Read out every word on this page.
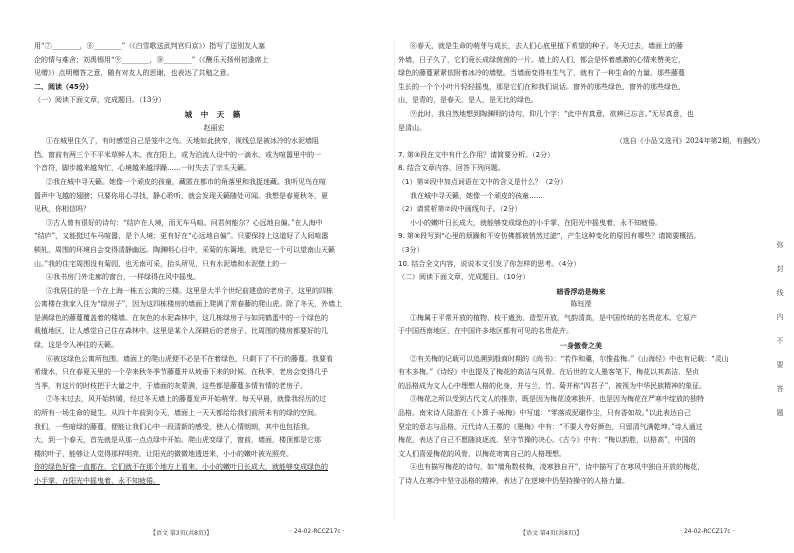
用“⑦________，⑧________”（《白雪歌送武判官归京》）指写了送别友人塞
企的情与难舍；刘禹锡用“⑨________，⑩________”（《酬乐天扬州初逢席上
见赠》）点明赠答之意，随有对友人的思谢，也表达了共勉之意。
二、阅读（45分）
（一）阅读下面文章，完成题目。（13分）
城 中 天 籁
赵丽宏
①在城里住久了，有时感觉自己是笼中之鸟。天地如此狭窄，视线总是被冰冷的水泥墙阻
挡。窗前有两三个不平米草鲜人木。夜在阳上，或为泊流人设中的一滴水，或为喧嚣里中的一
个音符，脚步越来越匆忙，心境越来越浮躁……一时失去了宗头天籁。
②我在城中寻天籁。她像一个顽皮的孩童，藏匿在都市的角落里和我捉迷藏。我听见鸟在喧
嚣声中飞越的翅膀；只要你用心寻找，静心聆听，就会发现天籁随处可闻。我想是春夏秋冬，夏
见秋，你相信吗？
③古人曾有很好的诗句：“结庐在人境，而无车马喧。问君何能尔？心远地自偏。”在人海中
“结庐”，又能挺过车马喧嚣，是个人境；更有好在“心远地自偏”。只要保持上这道好了人间喧嚣
顿轧，周围的环境自会变得清静幽远。陶渊明心目中，采菊的东篱地，就是它一个可以望南山天籁
山。”我的住宅周围没有菊园，也无南可采，抬头所见，只有水泥墙和水泥壁上的一
④我书房门外走廊的窗台，一样绿得在风中摇曳。
⑤我居住的是一个在上海一栋五公寓的三楼。这里是大半个世纪前建造的老房子，这里的四栋
公寓楼在我家入住为“绿房子”，因为这四栋楼房的墙面上爬满了常春藤的爬山虎。除了冬天，外墙上
是满绿色的藤蔓覆盖着的楼墙。在灰色的水泥森林中，这几栋绿房子与如同鹤蛋中的一个绿色的
栽植地区，让人感觉自己住在森林中。这里是某个人深耕后的老房子，比周围的楼房都要好的几
绿，这是令人神往的天籁。
⑥被这绿色公寓所包围，墙面上的爬山虎便不必是不在着绿色，只剩下了不行的藤蔓。我要看
希缘水，只在春夏天里的一个孕来秋冬季节藤蔓并从坡垂下来的时候。在秋季，老房会变得几乎
当季，有这片的时枝把于大量之中，于墙面的灰蒙满，这些都是藤蔓多情有情的老房子。
⑦冬末过去，风开始转暖，经过冬天墙上的藤蔓发声开始萌芽。每天早晨，就像我经历的过
的所有一场生命的诞生。从四十年前到今天，墙面上一天天都给给我们前所未有的绿的空间。
我们，一些暗绿的藤蔓，便能让我们心中一段清新的感受，使人心情朗朗，其中也包括我。
大，到一个春天，首先就是从那一点点绿中开始。爬山虎变绿了，窗前，墙面，楼顶都是它那
楼的叶子，能够让人觉得那样明亮，让阳光的微微地透进来，小小的嫩叶被光照亮。
你的绿色好像一直都在，它们就不在那个地方上看来，小小的嫩叶日长成大，就能够变成绿色的
小手掌，在阳光中摇曳着，永不知疲倦。
⑧春天，就是生命的萌芽与成长，去人们心底里植下希望的种子。冬天过去，墙面上的藤
外墙，日子久了，它们竟长成绿茵茵的一片。墙上的人们，都会是怀着感激的心情来赞美它，
绿色的藤蔓紧紧依附着冰冷的墙壁。当墙面变得有生气了，就有了一种生命的力量。那些藤蔓
生长的一个个小叶片轻轻摇曳，那是它们在和我们说话。窗外的那些绿色，窗外的那些绿色，
山，是青的，是春天，是人，是无比的绿色。
⑨此时，我自然地想到陶渊明的诗句，仰几个字：“此中有真意，欲辨已忘言。”无尽真意，也
是清山。
（选自《小品文选刊》2024年第2期，有删改）
7. 第③段在文中有什么作用？请简要分析。（2分）
8. 结合文章内容，回答下列问题。
（1）第②段中加点词语在文中的含义是什么？（2分）
我在城中寻天籁，她像一个顽皮的孩童……
（2）请赏析第⑦段中画线句子。（2分）
小小的嫩叶日长成大，就能够变成绿色的小手掌，在阳光中摇曳着，永不知疲倦。
9. 第⑨段写到“心里的烦躁和不安仿佛都被悄然过滤”，产生这种变化的原因有哪些？请简要概括。
（3分）
10. 结合全文内容，说说本文引发了你怎样的思考。（4分）
（二）阅读下面文章，完成题目。（10分）
暗香浮动是梅来
陈钰滢
①梅属于平常开放的植物，枝干遒劲，造型开放，气韵清高，是中国传统的名贵花木。它原产
于中国西南地区，在中国许多地区都有可见的名贵花卉。
一身傲骨之美
②有关梅的记载可以追溯到殷商时期的《尚书》：“若作和羹，尔惟盐梅。”《山海经》中也有记载：“灵山
有木多梅。”《诗经》中也提及了梅花的高洁与风骨。在后世的文人墨客笔下，梅花以其高洁、坚贞
的品格成为文人心中理想人格的化身，并与兰、竹、菊并称“四君子”，被视为中华民族精神的象征。
③梅花之所以受到古代文人的推崇，既是因为梅花凌寒独开，也是因为梅花在严寒中绽放的独特
品格。南宋诗人陆游在《卜算子·咏梅》中写道：“零落成泥碾作尘，只有香如故。”以此表达自己
坚定的意志与品格。元代诗人王冕的《墨梅》中有：“不要人夸好颜色，只留清气满乾坤。”诗人通过
梅花，表达了自己不愿随波逐流、坚守节操的决心。《古今》中有：“梅以韵胜，以格高”，中国的
文人们喜爱梅花的风骨，以梅花寄寓自己的人格理想。
④也有描写梅花的诗句，如“墙角数枝梅，凌寒独自开”，诗中描写了在寒风中独自开放的梅花，
了诗人在寒冷中坚守品格的精神，表达了在逆境中仍坚持操守的人格力量。
【语文 第3页(共8页)】	· 24-02-RCCZ17c ·	【语文 第4页(共8页)】	· 24-02-RCCZ17c ·
弥
封
线
内
不
要
答
题
